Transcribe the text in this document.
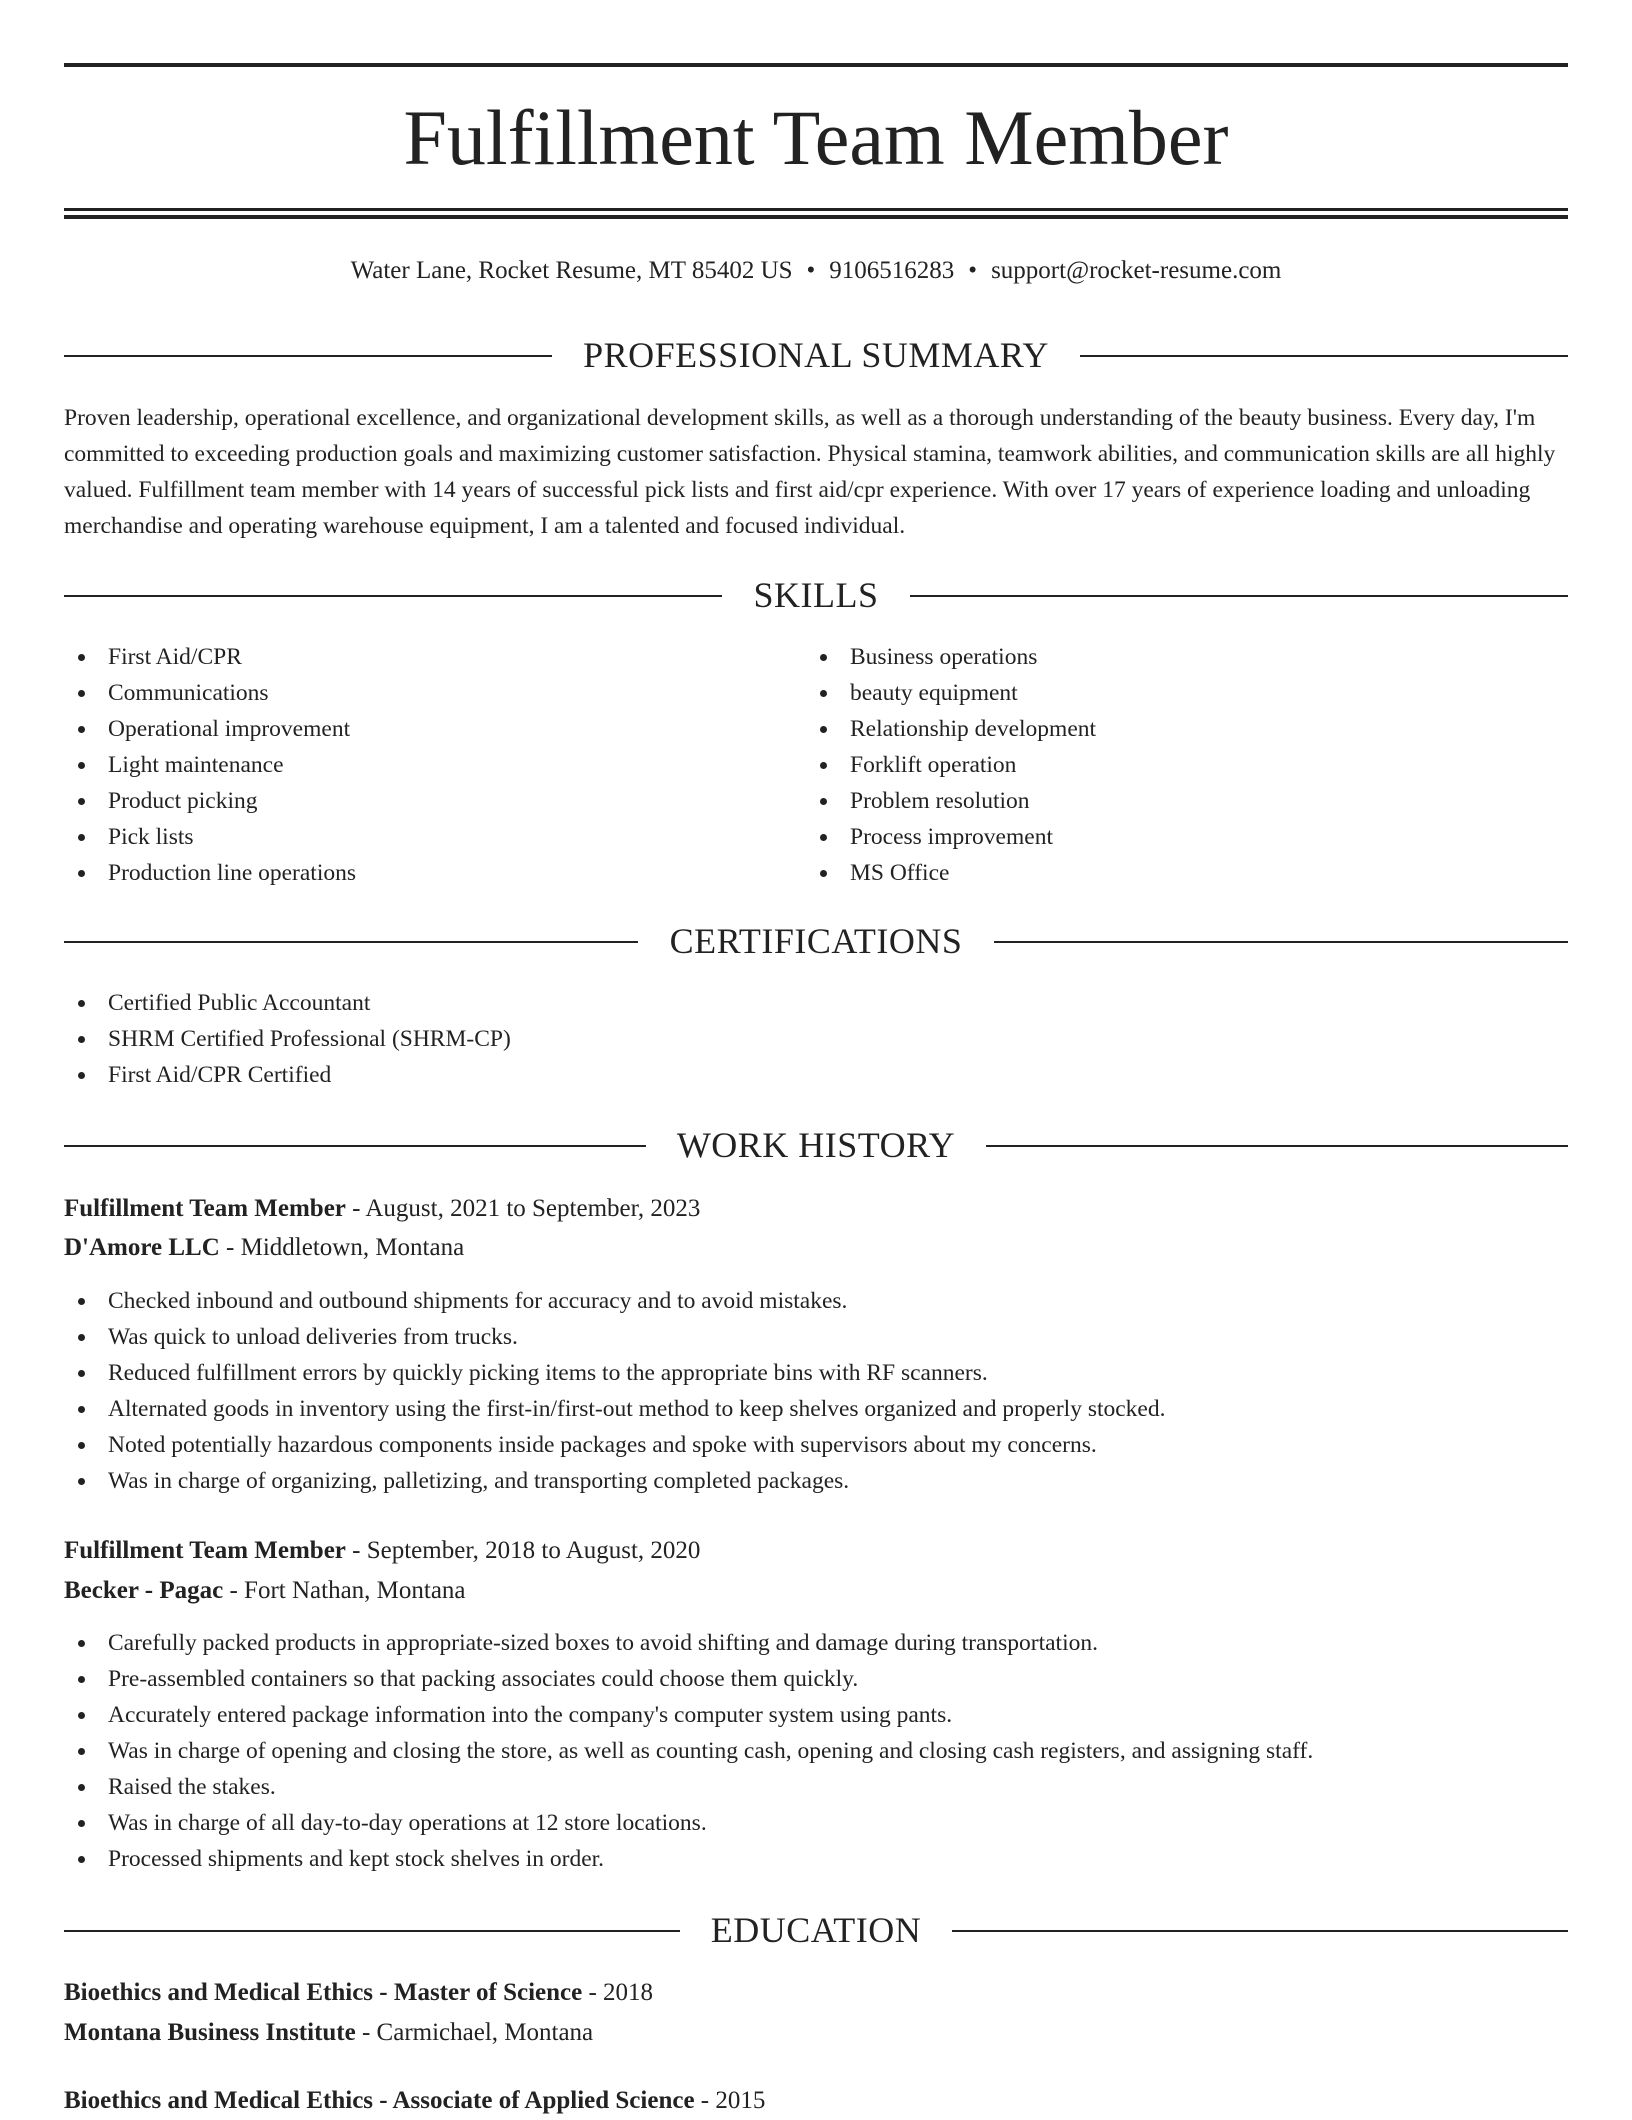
Fulfillment Team Member
Water Lane, Rocket Resume, MT 85402 US • 9106516283 • support@rocket-resume.com
PROFESSIONAL SUMMARY

Proven leadership, operational excellence, and organizational development skills, as well as a thorough understanding of the beauty business. Every day, I'm committed to exceeding production goals and maximizing customer satisfaction. Physical stamina, teamwork abilities, and communication skills are all highly valued. Fulfillment team member with 14 years of successful pick lists and first aid/cpr experience. With over 17 years of experience loading and unloading merchandise and operating warehouse equipment, I am a talented and focused individual.

SKILLS
First Aid/CPR
Communications
Operational improvement
Light maintenance
Product picking
Pick lists
Production line operations
Business operations
beauty equipment
Relationship development
Forklift operation
Problem resolution
Process improvement
MS Office
CERTIFICATIONS
Certified Public Accountant
SHRM Certified Professional (SHRM-CP)
First Aid/CPR Certified
WORK HISTORY
Fulfillment Team Member - August, 2021 to September, 2023
D'Amore LLC - Middletown, Montana
Checked inbound and outbound shipments for accuracy and to avoid mistakes.
Was quick to unload deliveries from trucks.
Reduced fulfillment errors by quickly picking items to the appropriate bins with RF scanners.
Alternated goods in inventory using the first-in/first-out method to keep shelves organized and properly stocked.
Noted potentially hazardous components inside packages and spoke with supervisors about my concerns.
Was in charge of organizing, palletizing, and transporting completed packages.
Fulfillment Team Member - September, 2018 to August, 2020
Becker - Pagac - Fort Nathan, Montana
Carefully packed products in appropriate-sized boxes to avoid shifting and damage during transportation.
Pre-assembled containers so that packing associates could choose them quickly.
Accurately entered package information into the company's computer system using pants.
Was in charge of opening and closing the store, as well as counting cash, opening and closing cash registers, and assigning staff.
Raised the stakes.
Was in charge of all day-to-day operations at 12 store locations.
Processed shipments and kept stock shelves in order.
EDUCATION
Bioethics and Medical Ethics - Master of Science - 2018
Montana Business Institute - Carmichael, Montana
Bioethics and Medical Ethics - Associate of Applied Science - 2015
